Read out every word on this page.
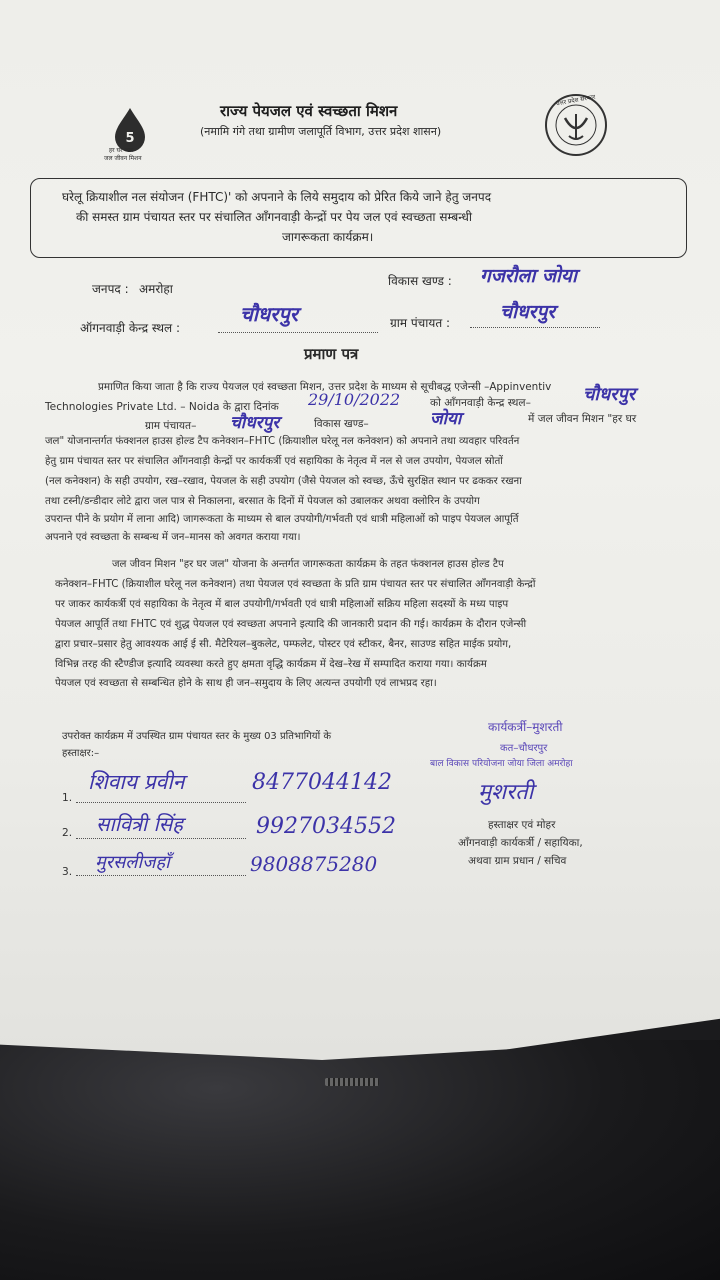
5
हर घर जल
जल जीवन मिशन
उत्तर प्रदेश सरकार
राज्य पेयजल एवं स्वच्छता मिशन
(नमामि गंगे तथा ग्रामीण जलापूर्ति विभाग, उत्तर प्रदेश शासन)
घरेलू क्रियाशील नल संयोजन (FHTC)' को अपनाने के लिये समुदाय को प्रेरित किये जाने हेतु जनपद
की समस्त ग्राम पंचायत स्तर पर संचालित आँगनवाड़ी केन्द्रों पर पेय जल एवं स्वच्छता सम्बन्धी
जागरूकता कार्यक्रम।
जनपद : अमरोहा
विकास खण्ड : गजरौला जोया
ऑगनवाड़ी केन्द्र स्थल :
चौधरपुर	ग्राम पंचायत :	चौधरपुर
प्रमाण पत्र
प्रमाणित किया जाता है कि राज्य पेयजल एवं स्वच्छता मिशन, उत्तर प्रदेश के माध्यम से सूचीबद्ध एजेन्सी –Appinventiv
Technologies Private Ltd. – Noida के द्वारा दिनांक 29/10/2022	को आँगनवाड़ी केन्द्र स्थल–	चौधरपुर
ग्राम पंचायत– चौधरपुर	विकास खण्ड–	जोया	में जल जीवन मिशन "हर घर
जल" योजनान्तर्गत फंक्शनल हाउस होल्ड टैप कनेक्शन–FHTC (क्रियाशील घरेलू नल कनेक्शन) को अपनाने तथा व्यवहार परिवर्तन
हेतु ग्राम पंचायत स्तर पर संचालित आँगनवाड़ी केन्द्रों पर कार्यकर्त्री एवं सहायिका के नेतृत्व में नल से जल उपयोग, पेयजल स्रोतों
(नल कनेक्शन) के सही उपयोग, रख–रखाव, पेयजल के सही उपयोग (जैसे पेयजल को स्वच्छ, ऊँचे सुरक्षित स्थान पर ढककर रखना
तथा टस्नी/डन्डीदार लोटे द्वारा जल पात्र से निकालना, बरसात के दिनों में पेयजल को उबालकर अथवा क्लोरिन के उपयोग
उपरान्त पीने के प्रयोग में लाना आदि) जागरूकता के माध्यम से बाल उपयोगी/गर्भवती एवं धात्री महिलाओं को पाइप पेयजल आपूर्ति
अपनाने एवं स्वच्छता के सम्बन्ध में जन–मानस को अवगत कराया गया।
जल जीवन मिशन "हर घर जल" योजना के अन्तर्गत जागरूकता कार्यक्रम के तहत फंक्शनल हाउस होल्ड टैप
कनेक्शन–FHTC (क्रियाशील घरेलू नल कनेक्शन) तथा पेयजल एवं स्वच्छता के प्रति ग्राम पंचायत स्तर पर संचालित आँगनवाड़ी केन्द्रों
पर जाकर कार्यकर्त्री एवं सहायिका के नेतृत्व में बाल उपयोगी/गर्भवती एवं धात्री महिलाओं सक्रिय महिला सदस्यों के मध्य पाइप
पेयजल आपूर्ति तथा FHTC एवं शुद्ध पेयजल एवं स्वच्छता अपनाने इत्यादि की जानकारी प्रदान की गई। कार्यक्रम के दौरान एजेन्सी
द्वारा प्रचार–प्रसार हेतु आवश्यक आई ई सी. मैटेरियल–बुकलेट, पम्फलेट, पोस्टर एवं स्टीकर, बैनर, साउण्ड सहित माईक प्रयोग,
विभिन्न तरह की स्टैण्डीज इत्यादि व्यवस्था करते हुए क्षमता वृद्धि कार्यक्रम में देख–रेख में सम्पादित कराया गया। कार्यक्रम
पेयजल एवं स्वच्छता से सम्बन्धित होने के साथ ही जन–समुदाय के लिए अत्यन्त उपयोगी एवं लाभप्रद रहा।
उपरोक्त कार्यक्रम में उपस्थित ग्राम पंचायत स्तर के मुख्य 03 प्रतिभागियों के
हस्ताक्षर:–
1.
शिवाय प्रवीन	8477044142
2. सावित्री सिंह	9927034552
3. मुरसलीजहाँ	9808875280
कार्यकर्त्री–मुशरती
कत–चौधरपुर
बाल विकास परियोजना जोया जिला अमरोहा
मुशरती
हस्ताक्षर एवं मोहर
आँगनवाड़ी कार्यकर्त्री / सहायिका,
अथवा ग्राम प्रधान / सचिव
